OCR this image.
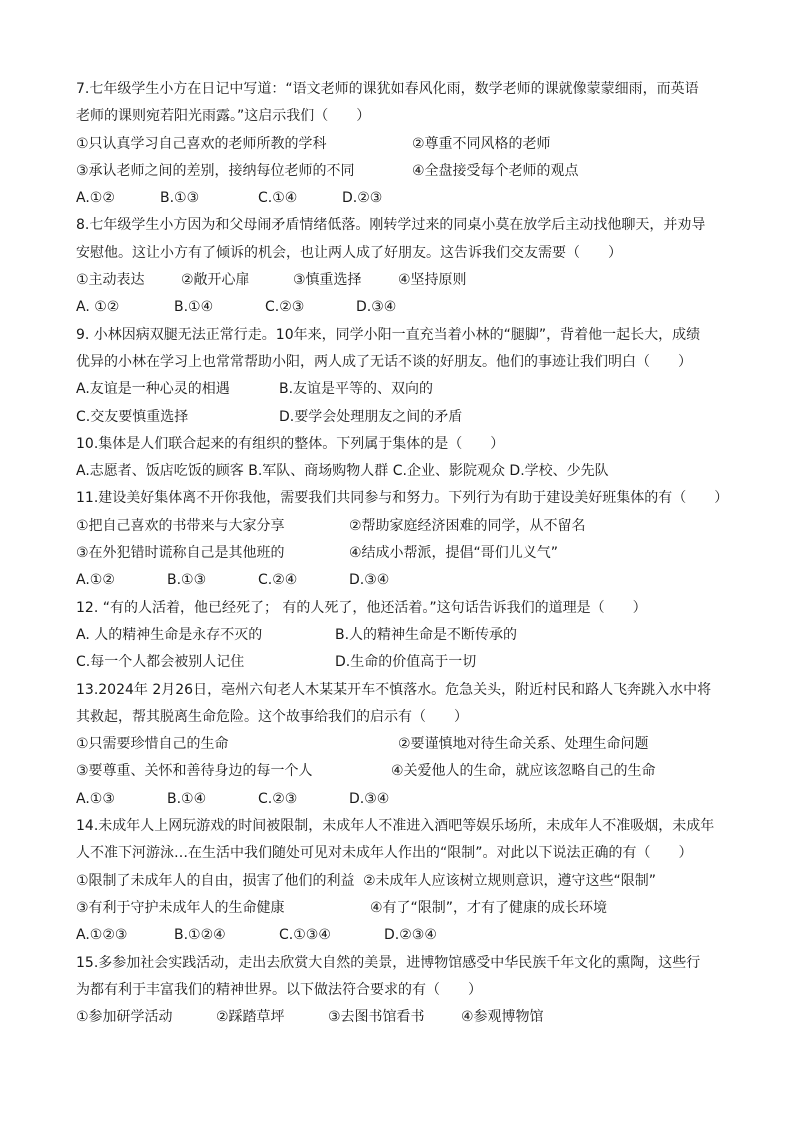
7.七年级学生小方在日记中写道：“语文老师的课犹如春风化雨，数学老师的课就像蒙蒙细雨，而英语
老师的课则宛若阳光雨露。”这启示我们（　　）
①只认真学习自己喜欢的老师所教的学科	②尊重不同风格的老师
③承认老师之间的差别，接纳每位老师的不同	④全盘接受每个老师的观点
A.①②	B.①③	C.①④	D.②③
8.七年级学生小方因为和父母闹矛盾情绪低落。刚转学过来的同桌小莫在放学后主动找他聊天，并劝导
安慰他。这让小方有了倾诉的机会，也让两人成了好朋友。这告诉我们交友需要（　　）
①主动表达	②敞开心扉	③慎重选择	④坚持原则
A. ①②	B.①④	C.②③	D.③④
9. 小林因病双腿无法正常行走。10年来，同学小阳一直充当着小林的“腿脚”，背着他一起长大，成绩
优异的小林在学习上也常常帮助小阳，两人成了无话不谈的好朋友。他们的事迹让我们明白（　　）
A.友谊是一种心灵的相遇	B.友谊是平等的、双向的
C.交友要慎重选择	D.要学会处理朋友之间的矛盾
10.集体是人们联合起来的有组织的整体。下列属于集体的是（　　）
A.志愿者、饭店吃饭的顾客 B.军队、商场购物人群 C.企业、影院观众 D.学校、少先队
11.建设美好集体离不开你我他，需要我们共同参与和努力。下列行为有助于建设美好班集体的有（　　）
①把自己喜欢的书带来与大家分享	②帮助家庭经济困难的同学，从不留名
③在外犯错时谎称自己是其他班的	④结成小帮派，提倡“哥们儿义气”
A.①②	B.①③	C.②④	D.③④
12. “有的人活着，他已经死了； 有的人死了，他还活着。”这句话告诉我们的道理是（　　）
A. 人的精神生命是永存不灭的	B.人的精神生命是不断传承的
C.每一个人都会被别人记住	D.生命的价值高于一切
13.2024年 2月26日，亳州六旬老人木某某开车不慎落水。危急关头，附近村民和路人飞奔跳入水中将
其救起，帮其脱离生命危险。这个故事给我们的启示有（　　）
①只需要珍惜自己的生命	②要谨慎地对待生命关系、处理生命问题
③要尊重、关怀和善待身边的每一个人	④关爱他人的生命，就应该忽略自己的生命
A.①③	B.①④	C.②③	D.③④
14.未成年人上网玩游戏的时间被限制，未成年人不准进入酒吧等娱乐场所，未成年人不准吸烟，未成年
人不准下河游泳…在生活中我们随处可见对未成年人作出的“限制”。对此以下说法正确的有（　　）
①限制了未成年人的自由，损害了他们的利益 ②未成年人应该树立规则意识，遵守这些“限制”
③有利于守护未成年人的生命健康	④有了“限制”，才有了健康的成长环境
A.①②③	B.①②④	C.①③④	D.②③④
15.多参加社会实践活动，走出去欣赏大自然的美景，进博物馆感受中华民族千年文化的熏陶，这些行
为都有利于丰富我们的精神世界。以下做法符合要求的有（　　）
①参加研学活动	②踩踏草坪	③去图书馆看书	④参观博物馆
